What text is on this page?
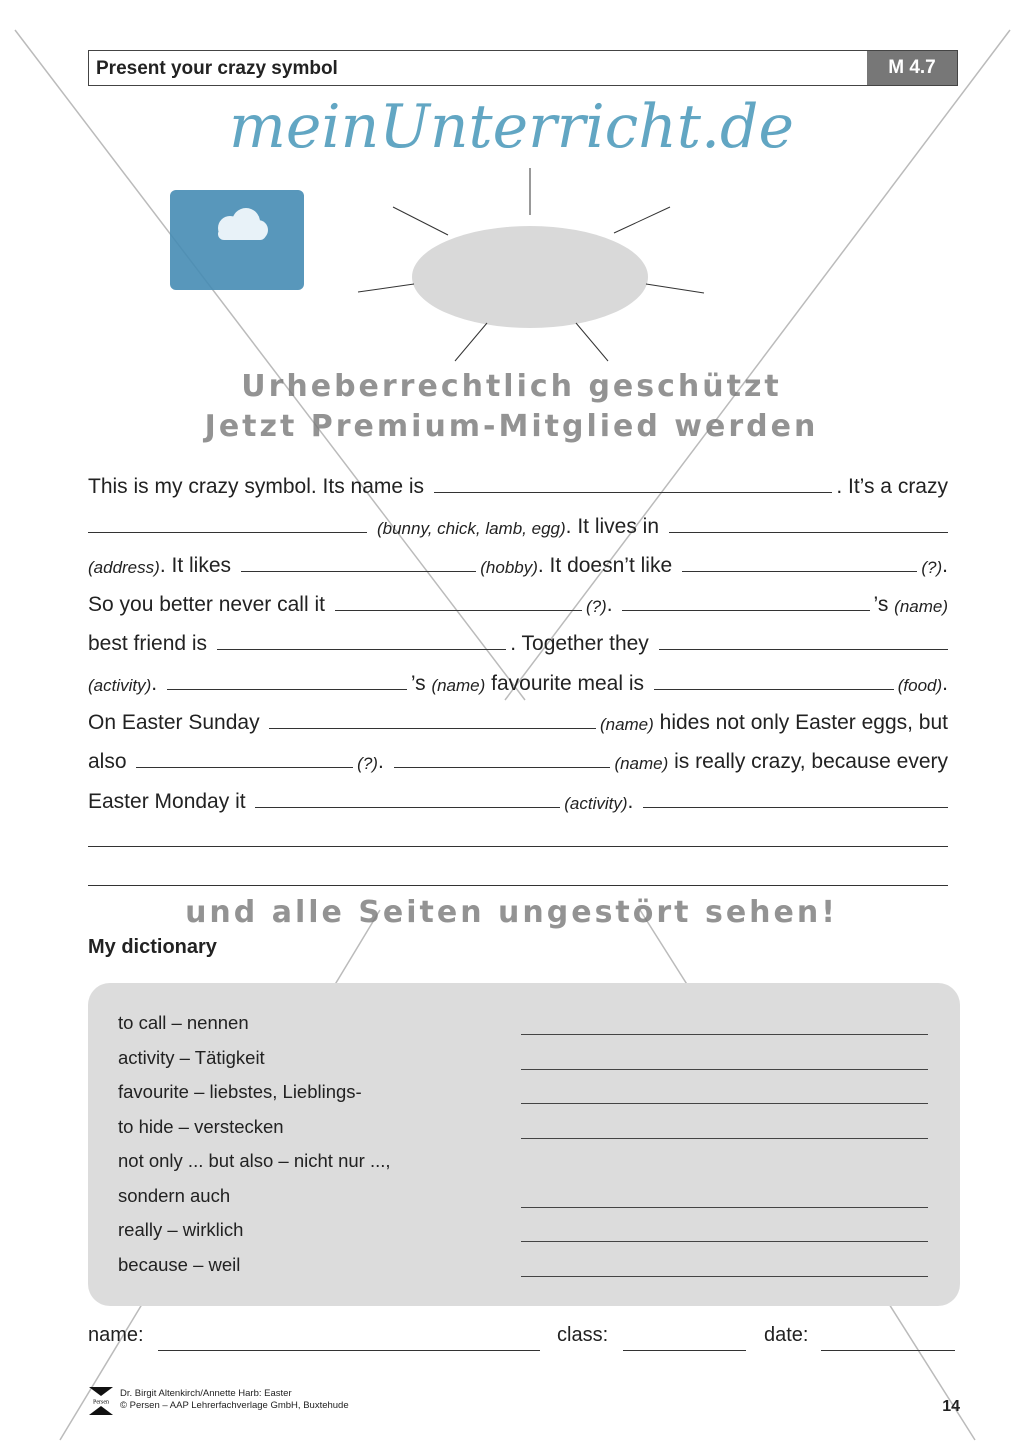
Present your crazy symbol	M 4.7
meinUnterricht.de
Urheberrechtlich geschützt
Jetzt Premium-Mitglied werden
This is my crazy symbol. Its name is	. It’s a crazy

(bunny, chick, lamb, egg) . It lives in
(address) . It likes	(hobby) . It doesn’t like	(?) .
So you better never call it	(?) .	’s (name)
best friend is	. Together they
(activity) .	’s (name) favourite meal is	(food) .
On Easter Sunday	(name) hides not only Easter eggs, but
also	(?) .	(name) is really crazy, because every
Easter Monday it	(activity) .
und alle Seiten ungestört sehen!
My dictionary
to call – nennen
activity – Tätigkeit
favourite – liebstes, Lieblings-
to hide – verstecken
not only ... but also – nicht nur ...,
sondern auch
really – wirklich
because – weil
name:	class:	date:
Persen
Dr. Birgit Altenkirch/Annette Harb: Easter
© Persen – AAP Lehrerfachverlage GmbH, Buxtehude	14
